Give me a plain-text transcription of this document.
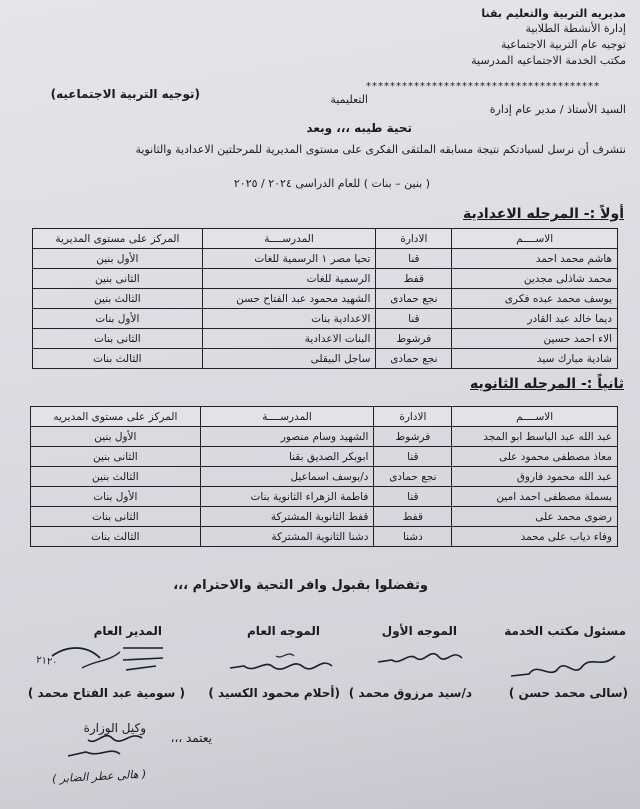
مديريه التربية والتعليم بقنا
إدارة الأنشطة الطلابية
توجيه عام التربية الاجتماعية
مكتب الخدمة الاجتماعيه المدرسية
***************************************
السيد الأستاذ / مدير عام إدارة
التعليمية
(توجيه التربية الاجتماعيه)
تحية طيبه ،،، وبعد
نتشرف أن نرسل لسيادتكم نتيجة مسابقه الملتقى الفكرى على مستوى المديرية للمرحلتين الاعدادية والثانوية
( بنين – بنات ) للعام الدراسى ٢٠٢٤ / ٢٠٢٥
أولاً :- المرحله الاعدادية
الاســــم	الادارة	المدرســــة	المركز على مستوى المديرية
هاشم محمد احمد	قنا	تحيا مصر ١ الرسمية للغات	الأول بنين
محمد شاذلى مجدين	قفط	الرسمية للغات	الثانى بنين
يوسف محمد عبده فكرى	نجع حمادى	الشهيد محمود عبد الفتاح حسن	الثالث بنين
ديما خالد عبد القادر	قنا	الاعدادية بنات	الأول بنات
الاء احمد حسين	فرشوط	البنات الاعدادية	الثانى بنات
شادية مبارك سيد	نجع حمادى	ساجل البيقلى	الثالث بنات
ثانياً :- المرحله الثانويه
الاســــم	الادارة	المدرســــة	المركز على مستوى المديريه
عبد الله عبد الباسط ابو المجد	فرشوط	الشهيد وسام منصور	الأول بنين
معاذ مصطفى محمود على	قنا	ابوبكر الصديق بقنا	الثانى بنين
عبد الله محمود فاروق	نجع حمادى	د/يوسف اسماعيل	الثالث بنين
بسملة مصطفى احمد امين	قنا	فاطمة الزهراء الثانوية بنات	الأول بنات
رضوى محمد على	قفط	قفط الثانوية المشتركة	الثانى بنات
وفاء دياب على محمد	دشنا	دشنا الثانوية المشتركة	الثالث بنات
وتفضلوا بقبول وافر التحية والاحترام ،،،
مسئول مكتب الخدمة
الموجه الأول
الموجه العام
المدير العام
٢١٢٠
(سالى محمد حسن )
د/سيد مرزوق محمد )
(أحلام محمود الكسيد )
( سومية عبد الفتاح محمد )
يعتمد ،،،
وكيل الوزارة
( هالى عطر الضابر )
